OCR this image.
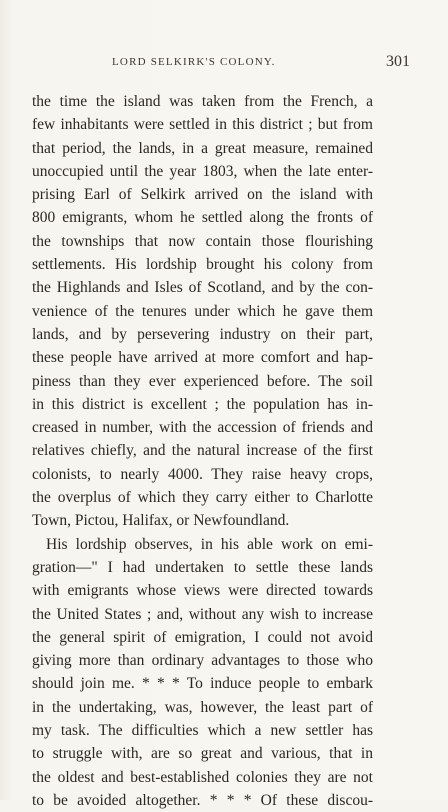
LORD SELKIRK'S COLONY.	301
the time the island was taken from the French, a
few inhabitants were settled in this district ; but from
that period, the lands, in a great measure, remained
unoccupied until the year 1803, when the late enter-
prising Earl of Selkirk arrived on the island with
800 emigrants, whom he settled along the fronts of
the townships that now contain those flourishing
settlements. His lordship brought his colony from
the Highlands and Isles of Scotland, and by the con-
venience of the tenures under which he gave them
lands, and by persevering industry on their part,
these people have arrived at more comfort and hap-
piness than they ever experienced before. The soil
in this district is excellent ; the population has in-
creased in number, with the accession of friends and
relatives chiefly, and the natural increase of the first
colonists, to nearly 4000. They raise heavy crops,
the overplus of which they carry either to Charlotte
Town, Pictou, Halifax, or Newfoundland.
His lordship observes, in his able work on emi-
gration—" I had undertaken to settle these lands
with emigrants whose views were directed towards
the United States ; and, without any wish to increase
the general spirit of emigration, I could not avoid
giving more than ordinary advantages to those who
should join me. * * * To induce people to embark
in the undertaking, was, however, the least part of
my task. The difficulties which a new settler has
to struggle with, are so great and various, that in
the oldest and best-established colonies they are not
to be avoided altogether. * * * Of these discou-
